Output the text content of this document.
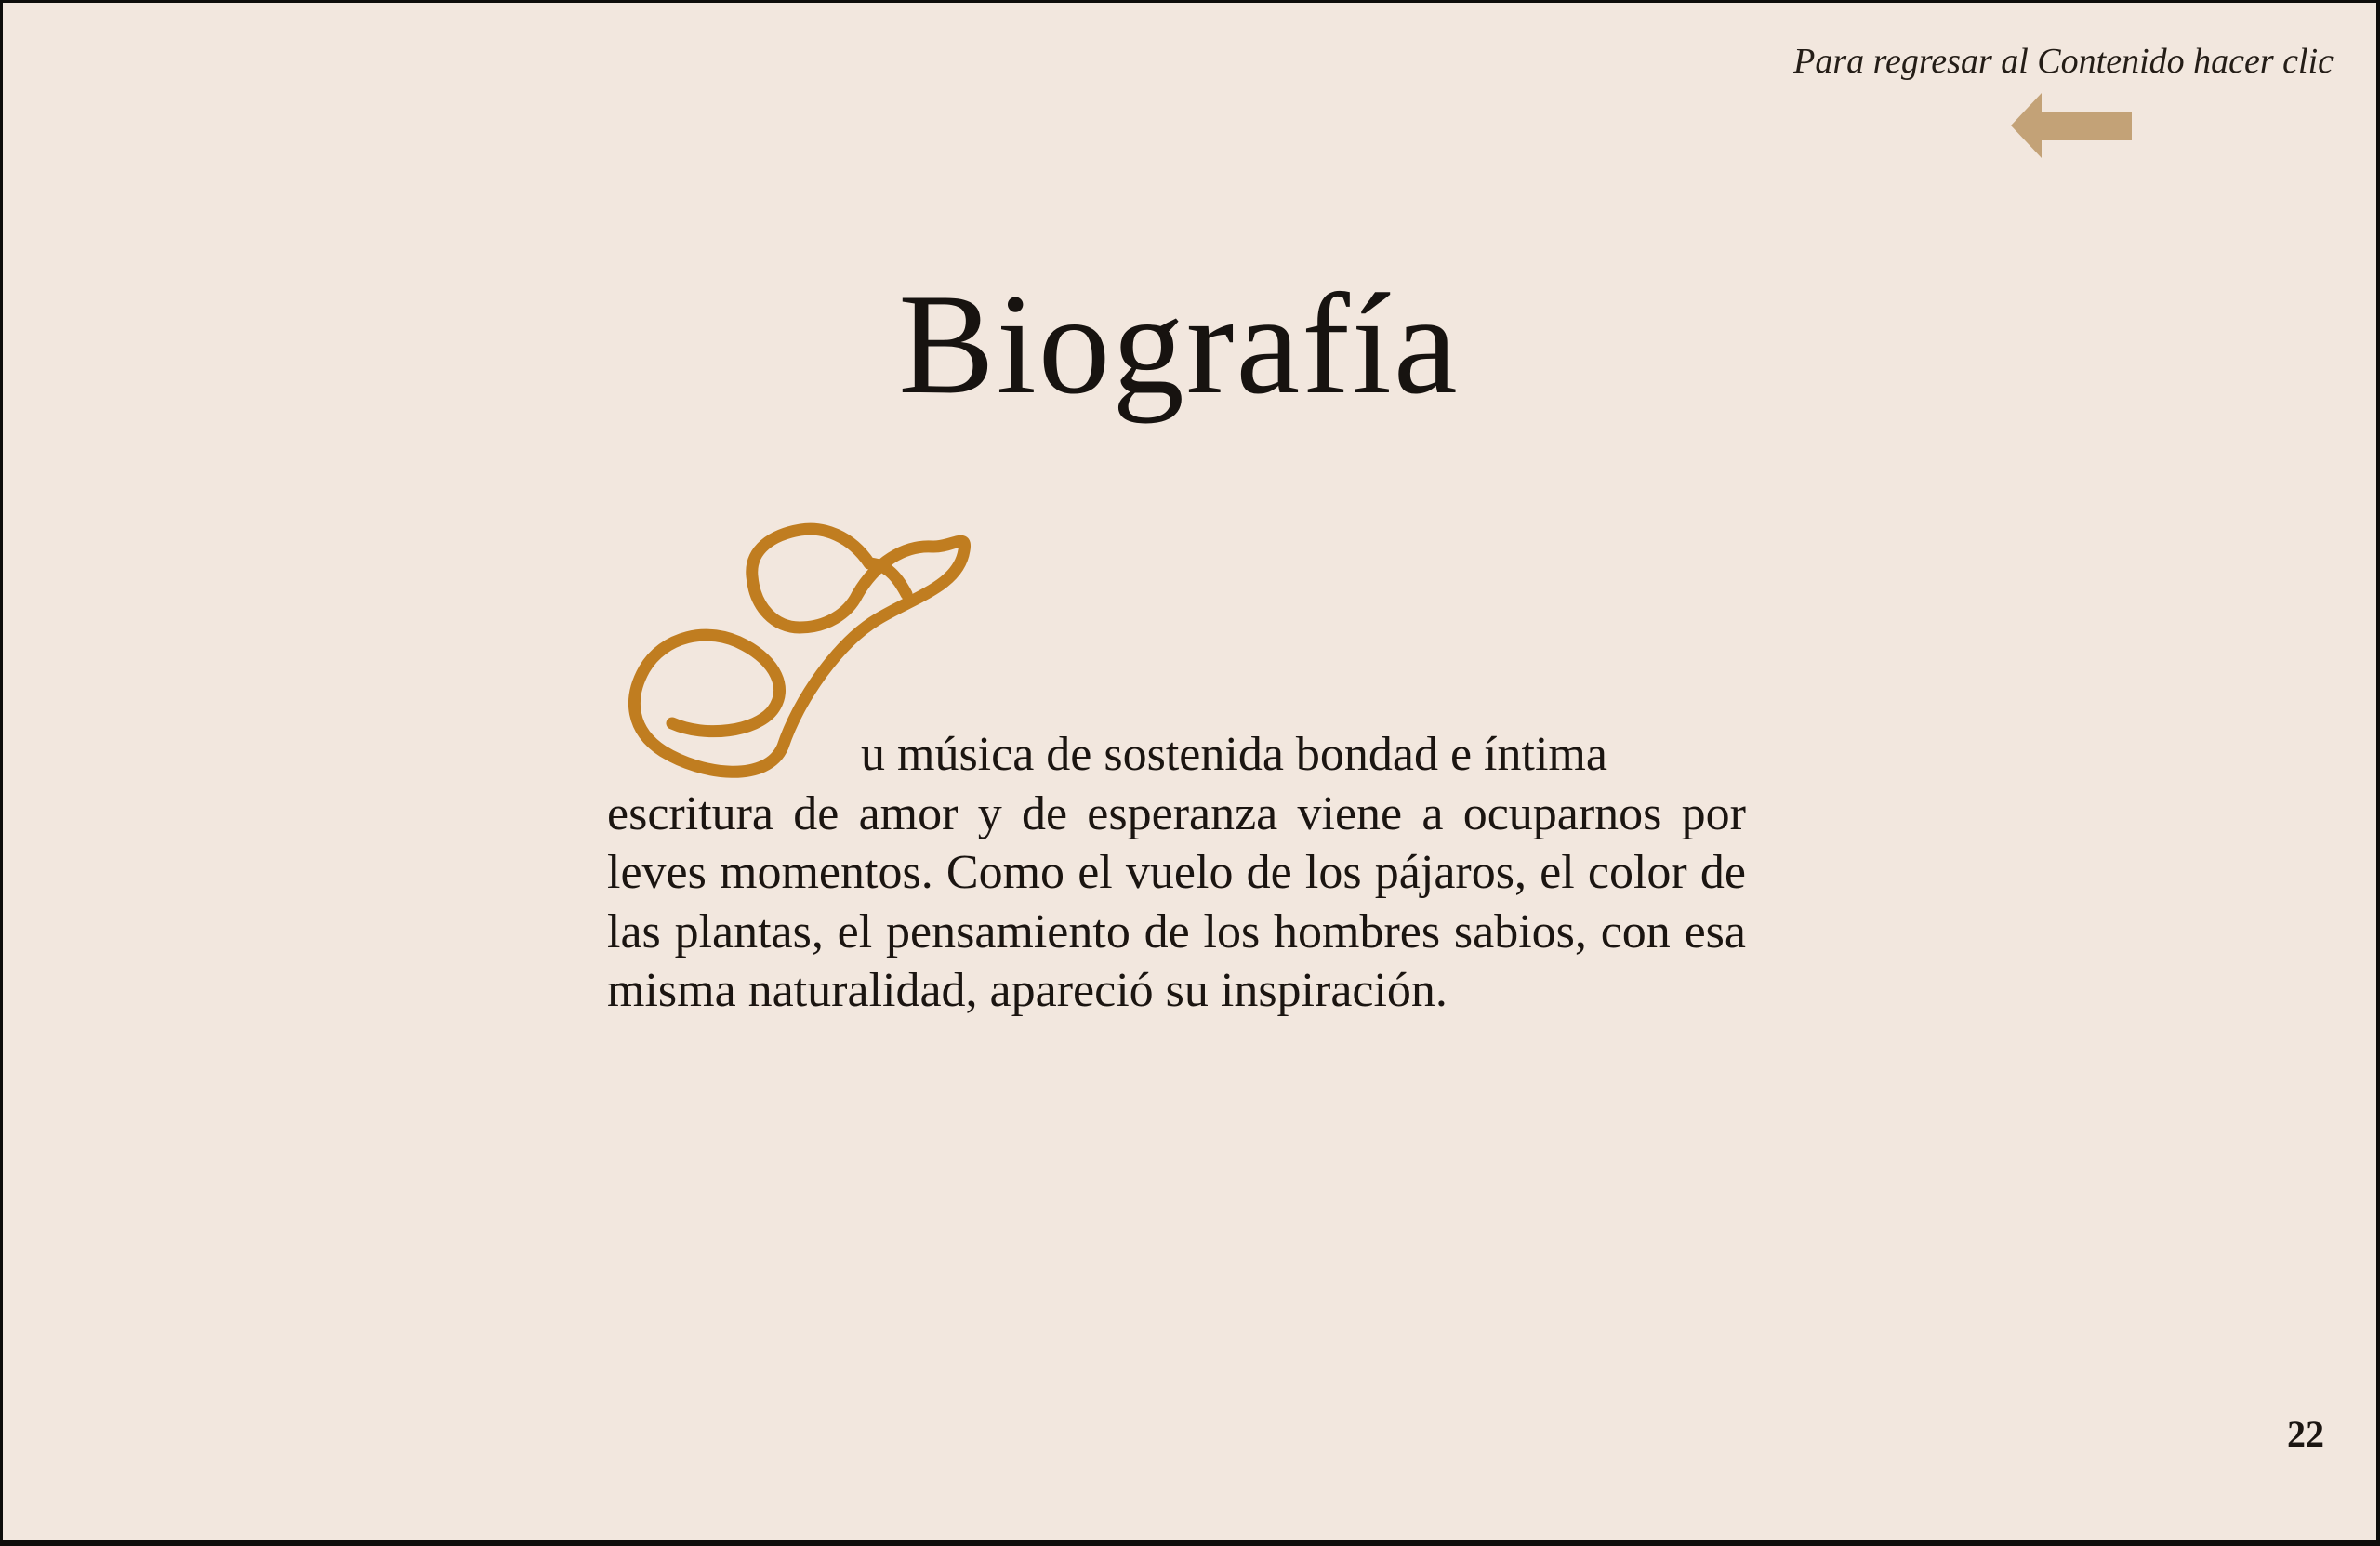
Para regresar al Contenido hacer clic
Biografía
u música de sostenida bondad e íntima
escritura de amor y de esperanza viene a ocuparnos por
leves momentos. Como el vuelo de los pájaros, el color de
las plantas, el pensamiento de los hombres sabios, con esa
misma naturalidad, apareció su inspiración.
22
